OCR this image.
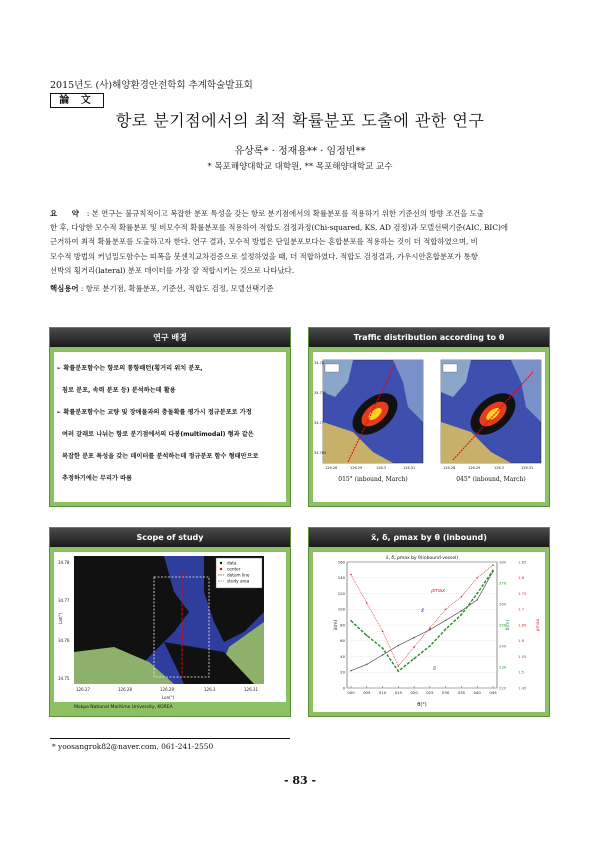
2015년도 (사)해양환경안전학회 추계학술발표회
論 文
항로 분기점에서의 최적 확률분포 도출에 관한 연구
유상록* · 정재용** · 임정빈**
* 목포해양대학교 대학원, ** 목포해양대학교 교수
요 약 : 본 연구는 불규칙적이고 복잡한 분포 특성을 갖는 항로 분기점에서의 확률분포를 적용하기 위한 기준선의 방향 조건을 도출
한 후, 다양한 모수적 확률분포 및 비모수적 확률분포를 적용하여 적합도 검정과정(Chi-squared, KS, AD 검정)과 모델선택기준(AIC, BIC)에
근거하여 최적 확률분포를 도출하고자 한다. 연구 결과, 모수적 방법은 단일분포보다는 혼합분포를 적용하는 것이 더 적합하였으며, 비
모수적 방법의 커널밀도함수는 띠폭을 붓센치교차검증으로 설정하였을 때, 더 적합하였다. 적합도 검정결과, 가우시안혼합분포가 통항
선박의 횡거리(lateral) 분포 데이터를 가장 잘 적합시키는 것으로 나타났다.
핵심용어 : 항로 분기점, 확률분포, 기준선, 적합도 검정, 모델선택기준
연구 배경
➢ 확률분포함수는 항로의 통항패턴(횡거리 위치 분포,
침로 분포, 속력 분포 등) 분석하는데 활용
➢ 확률분포함수는 교량 및 장애물과의 충돌확률 평가시 정규분포로 가정
여러 갈래로 나뉘는 항로 분기점에서의 다봉(multimodal) 형과 같은
복잡한 분포 특성을 갖는 데이터를 분석하는데 정규분포 함수 형태만으로
추정하기에는 무리가 따름
Traffic distribution according to θ
126.28	126.29	126.3	126.31	126.28	126.29	126.3	126.31
34.78
34.775
34.77
34.765
015° (inbound, March)	045° (inbound, March)
Scope of study
data
center
datum line
study area
126.27	126.28	126.29	126.3	126.31
Lon(°)
34.78
34.77
34.76
34.75
Lat(°)
Mokpo National Maritime University, KOREA
x̄, δ, ρmax by θ (inbound)
x̄, δ, ρmax by θ(inbound vessel)
ρmax
x̄
δ
000 005 010 015 020 025 030 035 040 045
0
20
40
60
80
100
120
140
160
220
230
240
250
260
270
280
1.45
1.5
1.55
1.6
1.65
1.7
1.75
1.8
1.85
θ(°)
x̄(m)	δ(m)	ρmax
* yoosangrok82@naver.com, 061-241-2550
- 83 -
